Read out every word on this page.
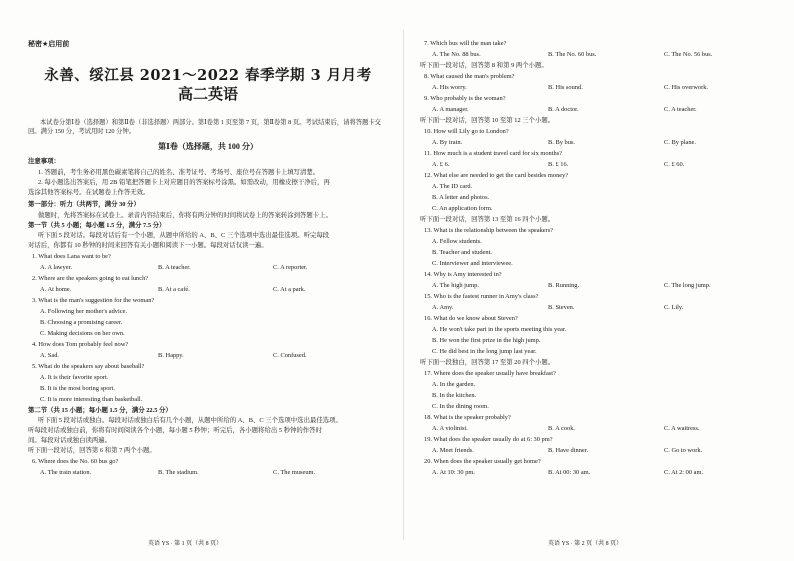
秘密★启用前
永善、绥江县 2021～2022 春季学期 3 月月考
高二英语

本试卷分第Ⅰ卷（选择题）和第Ⅱ卷（非选择题）两部分。第Ⅰ卷第 1 页至第 7 页，第Ⅱ卷第 8 页。考试结束后，请将答题卡交回。满分 150 分，考试用时 120 分钟。

第Ⅰ卷（选择题，共 100 分）
注意事项：
1. 答题前，考生务必用黑色碳素笔将自己的姓名、准考证号、考场号、座位号在答题卡上填写清楚。
2. 每小题选出答案后，用 2B 铅笔把答题卡上对应题目的答案标号涂黑。如需改动，用橡皮擦干净后，再
选涂其他答案标号。在试题卷上作答无效。
第一部分：听力（共两节，满分 30 分）
做题时，先将答案标在试卷上。录音内容结束后，你将有两分钟的时间将试卷上的答案转涂到答题卡上。
第一节（共 5 小题；每小题 1.5 分，满分 7.5 分）
听下面 5 段对话。每段对话后有一个小题，从题中所给的 A、B、C 三个选项中选出最佳选项。听完每段
对话后，你都有 10 秒钟的时间来回答有关小题和阅读下一小题。每段对话仅读一遍。
1. What does Lana want to be?
A. A lawyer.	B. A teacher.	C. A reporter.
2. Where are the speakers going to eat lunch?
A. At home.	B. At a café.	C. At a park.
3. What is the man's suggestion for the woman?
A. Following her mother's advice.
B. Choosing a promising career.
C. Making decisions on her own.
4. How does Tom probably feel now?
A. Sad.	B. Happy.	C. Confused.
5. What do the speakers say about baseball?
A. It is their favorite sport.
B. It is the most boring sport.
C. It is more interesting than basketball.
第二节（共 15 小题；每小题 1.5 分，满分 22.5 分）
听下面 5 段对话或独白。每段对话或独白后有几个小题，从题中所给的 A、B、C 三个选项中选出最佳选项。
听每段对话或独白前，你将有时间阅读各个小题，每小题 5 秒钟；听完后，各小题将给出 5 秒钟的作答时
间。每段对话或独白读两遍。
听下面一段对话，回答第 6 和第 7 两个小题。
6. Where does the No. 60 bus go?
A. The train station.	B. The stadium.	C. The museum.
英语 YS · 第 1 页（共 8 页）
7. Which bus will the man take?
A. The No. 88 bus.	B. The No. 60 bus.	C. The No. 56 bus.
听下面一段对话，回答第 8 和第 9 两个小题。
8. What caused the man's problem?
A. His worry.	B. His sound.	C. His overwork.
9. Who probably is the woman?
A. A manager.	B. A doctor.	C. A teacher.
听下面一段对话，回答第 10 至第 12 三个小题。
10. How will Lily go to London?
A. By train.	B. By bus.	C. By plane.
11. How much is a student travel card for six months?
A. £ 6.	B. £ 16.	C. £ 60.
12. What else are needed to get the card besides money?
A. The ID card.
B. A letter and photos.
C. An application form.
听下面一段对话，回答第 13 至第 16 四个小题。
13. What is the relationship between the speakers?
A. Fellow students.
B. Teacher and student.
C. Interviewer and interviewee.
14. Why is Amy interested in?
A. The high jump.	B. Running.	C. The long jump.
15. Who is the fastest runner in Amy's class?
A. Amy.	B. Steven.	C. Lily.
16. What do we know about Steven?
A. He won't take part in the sports meeting this year.
B. He won the first prize in the high jump.
C. He did best in the long jump last year.
听下面一段独白，回答第 17 至第 20 四个小题。
17. Where does the speaker usually have breakfast?
A. In the garden.
B. In the kitchen.
C. In the dining room.
18. What is the speaker probably?
A. A violinist.	B. A cook.	C. A waitress.
19. What does the speaker usually do at 6: 30 pm?
A. Meet friends.	B. Have dinner.	C. Go to work.
20. When does the speaker usually get home?
A. At 10: 30 pm.	B. At 00: 30 am.	C. At 2: 00 am.
英语 YS · 第 2 页（共 8 页）
